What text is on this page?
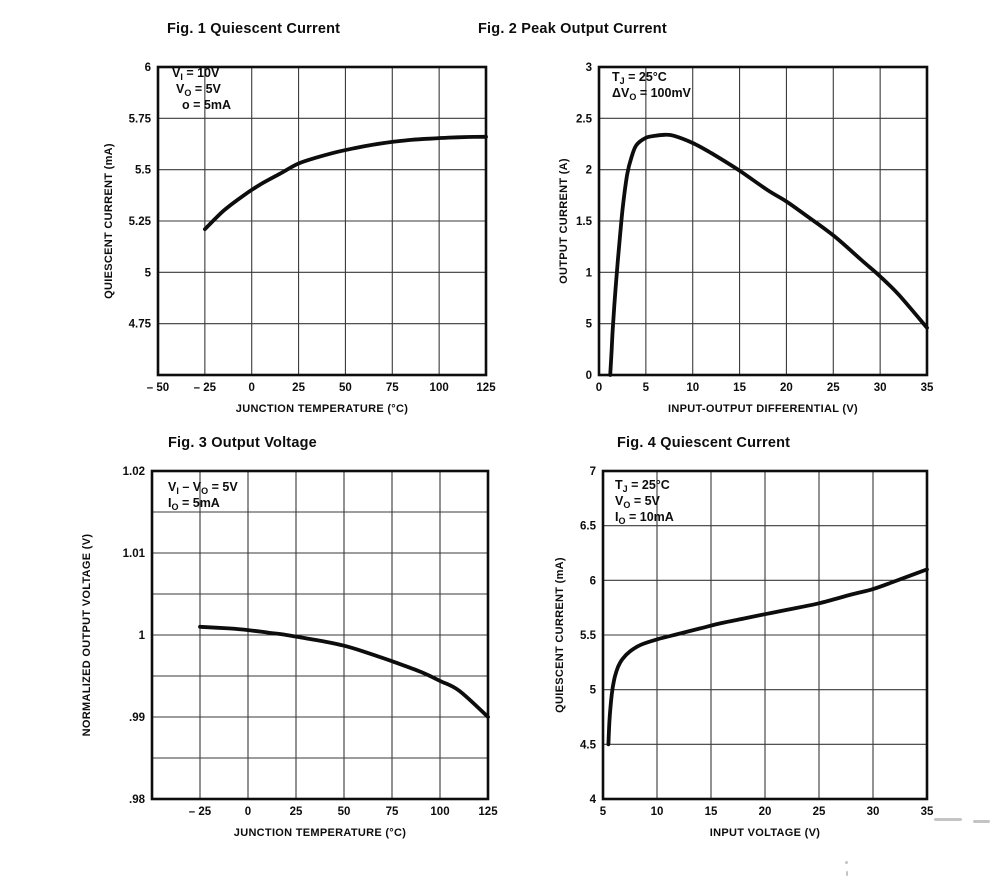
– 50 – 25	0	25	50	75	100 125
6
5.75
5.5
5.25
5
4.75
JUNCTION TEMPERATURE (°C)
QUIESCENT CURRENT (mA)
0	5	10	15	20	25	30	35
3
2.5
2
1.5
1
5
0
INPUT-OUTPUT DIFFERENTIAL (V)
OUTPUT CURRENT (A)
– 25	0	25	50	75	100	125
1.02
1.01
1
.99
.98
JUNCTION TEMPERATURE (°C)
NORMALIZED OUTPUT VOLTAGE (V)
5	10	15	20	25	30	35
7
6.5
6
5.5
5
4.5
4
INPUT VOLTAGE (V)
QUIESCENT CURRENT (mA)
Fig. 1 Quiescent Current	Fig. 2 Peak Output Current
Fig. 3 Output Voltage	Fig. 4 Quiescent Current
$V_I = 10V$
$V_O = 5V$
o = 5mA
$T_J = 25^\circ C$
$\Delta V_O = 100mV$
$V_I - V_O = 5V$
$I_O = 5mA$
$T_J = 25^\circ C$
$V_O = 5V$
$I_O = 10mA$
